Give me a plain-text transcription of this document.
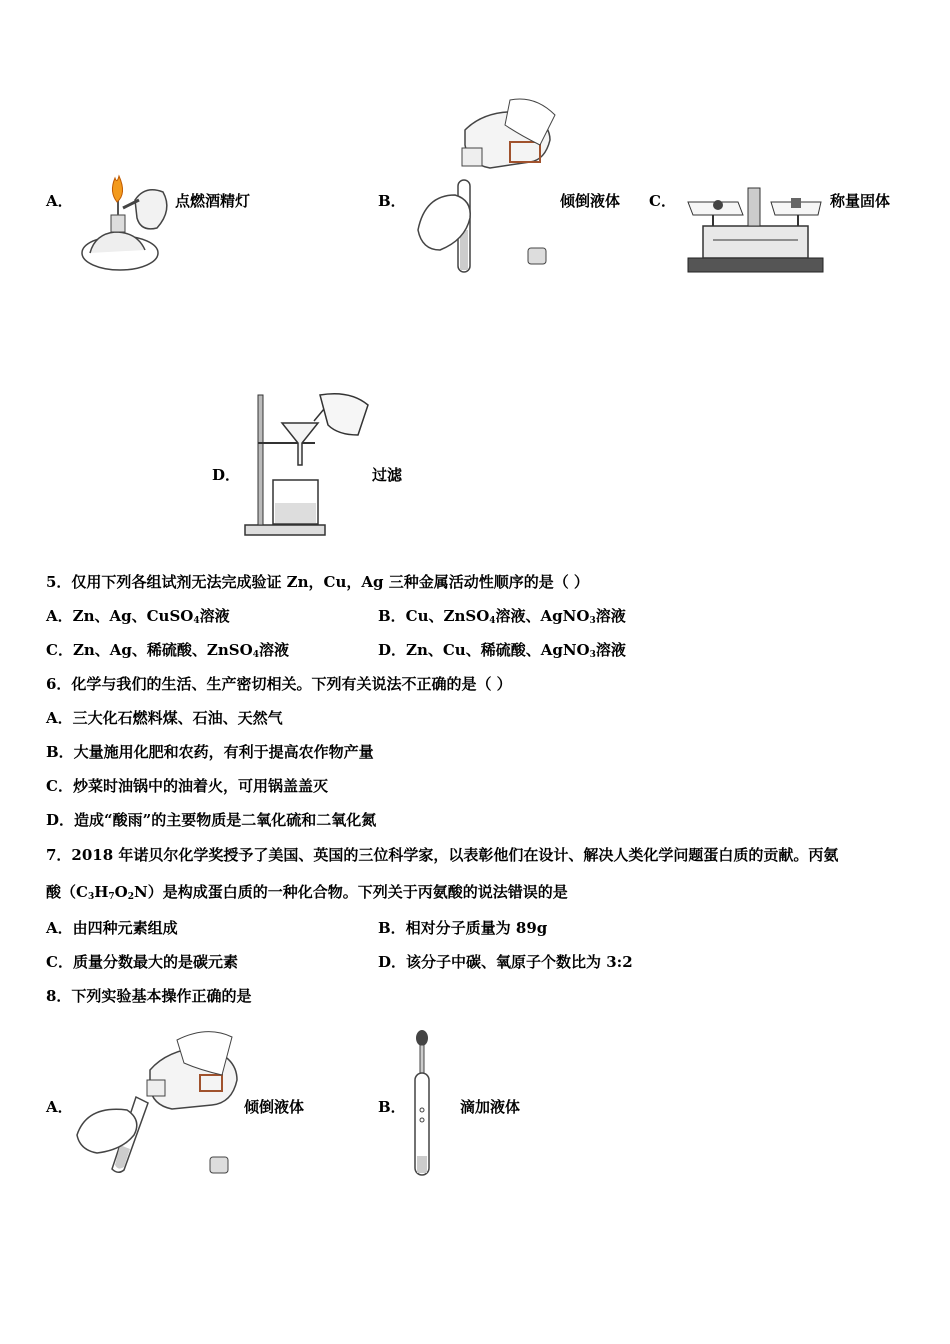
A．	点燃酒精灯	B．	倾倒液体 C．	称量固体
D．	过滤
5．仅用下列各组试剂无法完成验证 Zn，Cu，Ag 三种金属活动性顺序的是（ ）
A．Zn、Ag、CuSO$_4$溶液	B．Cu、ZnSO$_4$溶液、AgNO$_3$溶液
C．Zn、Ag、稀硫酸、ZnSO$_4$溶液	D．Zn、Cu、稀硫酸、AgNO$_3$溶液
6．化学与我们的生活、生产密切相关。下列有关说法不正确的是（ ）
A．三大化石燃料煤、石油、天然气
B．大量施用化肥和农药，有利于提高农作物产量
C．炒菜时油锅中的油着火，可用锅盖盖灭
D．造成“酸雨”的主要物质是二氧化硫和二氧化氮
7．2018 年诺贝尔化学奖授予了美国、英国的三位科学家，以表彰他们在设计、解决人类化学问题蛋白质的贡献。丙氨
酸$(C_3H_7O_2N)$是构成蛋白质的一种化合物。下列关于丙氨酸的说法错误的是
A．由四种元素组成	B．相对分子质量为 89g
C．质量分数最大的是碳元素	D．该分子中碳、氧原子个数比为 3:2
8．下列实验基本操作正确的是
A．	倾倒液体	B．	滴加液体
